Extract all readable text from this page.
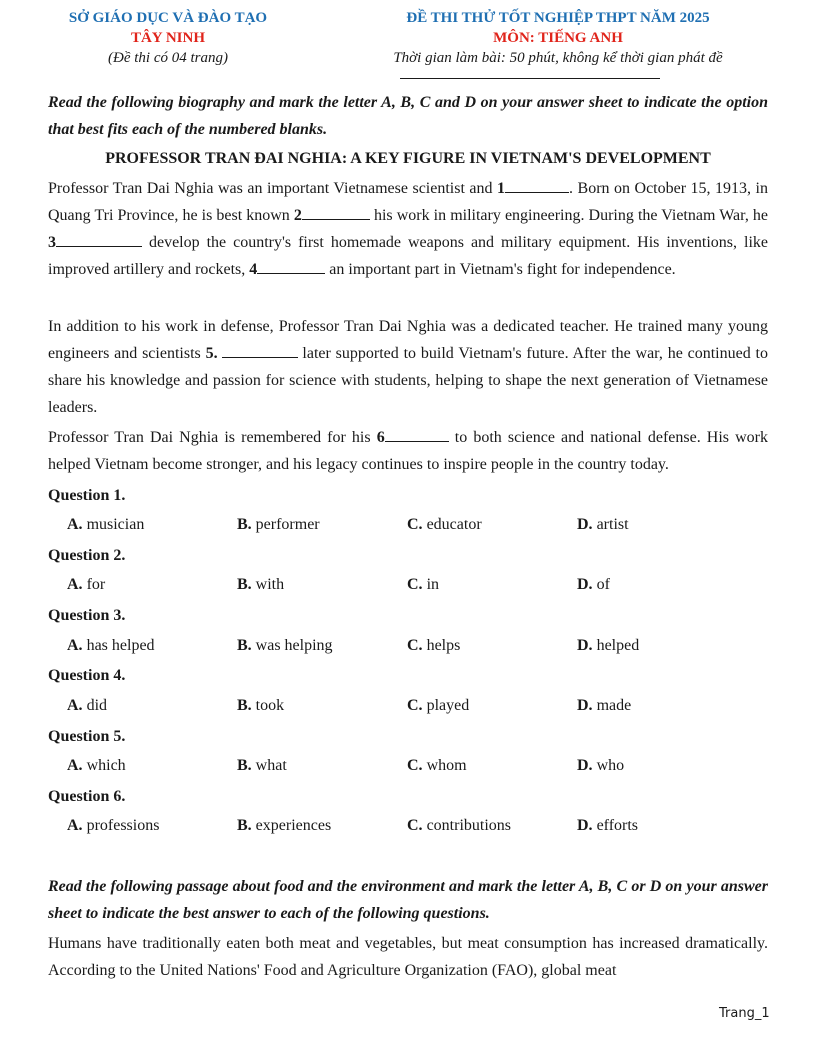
SỞ GIÁO DỤC VÀ ĐÀO TẠO
TÂY NINH
(Đề thi có 04 trang)
ĐỀ THI THỬ TỐT NGHIỆP THPT NĂM 2025
MÔN: TIẾNG ANH
Thời gian làm bài: 50 phút, không kể thời gian phát đề
Read the following biography and mark the letter A, B, C and D on your answer sheet to indicate the option that best fits each of the numbered blanks.
PROFESSOR TRAN ĐAI NGHIA: A KEY FIGURE IN VIETNAM'S DEVELOPMENT
Professor Tran Dai Nghia was an important Vietnamese scientist and 1	. Born on October 15, 1913, in Quang Tri Province, he is best known 2	his work in military engineering. During the Vietnam War, he 3	develop the country's first homemade weapons and military equipment. His inventions, like improved artillery and rockets, 4	an important part in Vietnam's fight for independence.
In addition to his work in defense, Professor Tran Dai Nghia was a dedicated teacher. He trained many young engineers and scientists 5.	later supported to build Vietnam's future. After the war, he continued to share his knowledge and passion for science with students, helping to shape the next generation of Vietnamese leaders.
Professor Tran Dai Nghia is remembered for his 6	to both science and national defense. His work helped Vietnam become stronger, and his legacy continues to inspire people in the country today.
Question 1.
A. musician	B. performer	C. educator	D. artist
Question 2.
A. for	B. with	C. in	D. of
Question 3.
A. has helped	B. was helping	C. helps	D. helped
Question 4.
A. did	B. took	C. played	D. made
Question 5.
A. which	B. what	C. whom	D. who
Question 6.
A. professions	B. experiences	C. contributions	D. efforts
Read the following passage about food and the environment and mark the letter A, B, C or D on your answer sheet to indicate the best answer to each of the following questions.
Humans have traditionally eaten both meat and vegetables, but meat consumption has increased dramatically. According to the United Nations' Food and Agriculture Organization (FAO), global meat
Trang_1
